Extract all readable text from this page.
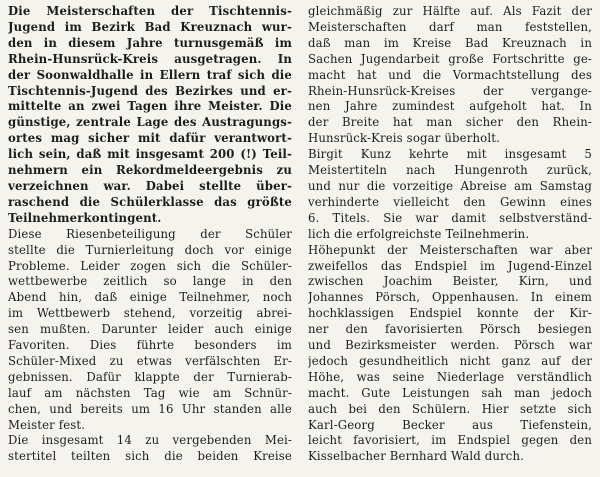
Die Meisterschaften der Tischtennis-
Jugend im Bezirk Bad Kreuznach wur-
den in diesem Jahre turnusgemäß im
Rhein-Hunsrück-Kreis ausgetragen. In
der Soonwaldhalle in Ellern traf sich die
Tischtennis-Jugend des Bezirkes und er-
mittelte an zwei Tagen ihre Meister. Die
günstige, zentrale Lage des Austragungs-
ortes mag sicher mit dafür verantwort-
lich sein, daß mit insgesamt 200 (!) Teil-
nehmern ein Rekordmeldeergebnis zu
verzeichnen war. Dabei stellte über-
raschend die Schülerklasse das größte
Teilnehmerkontingent.
Diese Riesenbeteiligung der Schüler
stellte die Turnierleitung doch vor einige
Probleme. Leider zogen sich die Schüler-
wettbewerbe zeitlich so lange in den
Abend hin, daß einige Teilnehmer, noch
im Wettbewerb stehend, vorzeitig abrei-
sen mußten. Darunter leider auch einige
Favoriten. Dies führte besonders im
Schüler-Mixed zu etwas verfälschten Er-
gebnissen. Dafür klappte der Turnierab-
lauf am nächsten Tag wie am Schnür-
chen, und bereits um 16 Uhr standen alle
Meister fest.
Die insgesamt 14 zu vergebenden Mei-
stertitel teilten sich die beiden Kreise
gleichmäßig zur Hälfte auf. Als Fazit der
Meisterschaften darf man feststellen,
daß man im Kreise Bad Kreuznach in
Sachen Jugendarbeit große Fortschritte ge-
macht hat und die Vormachtstellung des
Rhein-Hunsrück-Kreises der vergange-
nen Jahre zumindest aufgeholt hat. In
der Breite hat man sicher den Rhein-
Hunsrück-Kreis sogar überholt.
Birgit Kunz kehrte mit insgesamt 5
Meistertiteln nach Hungenroth zurück,
und nur die vorzeitige Abreise am Samstag
verhinderte vielleicht den Gewinn eines
6. Titels. Sie war damit selbstverständ-
lich die erfolgreichste Teilnehmerin.
Höhepunkt der Meisterschaften war aber
zweifellos das Endspiel im Jugend-Einzel
zwischen Joachim Beister, Kirn, und
Johannes Pörsch, Oppenhausen. In einem
hochklassigen Endspiel konnte der Kir-
ner den favorisierten Pörsch besiegen
und Bezirksmeister werden. Pörsch war
jedoch gesundheitlich nicht ganz auf der
Höhe, was seine Niederlage verständlich
macht. Gute Leistungen sah man jedoch
auch bei den Schülern. Hier setzte sich
Karl-Georg Becker aus Tiefenstein,
leicht favorisiert, im Endspiel gegen den
Kisselbacher Bernhard Wald durch.
